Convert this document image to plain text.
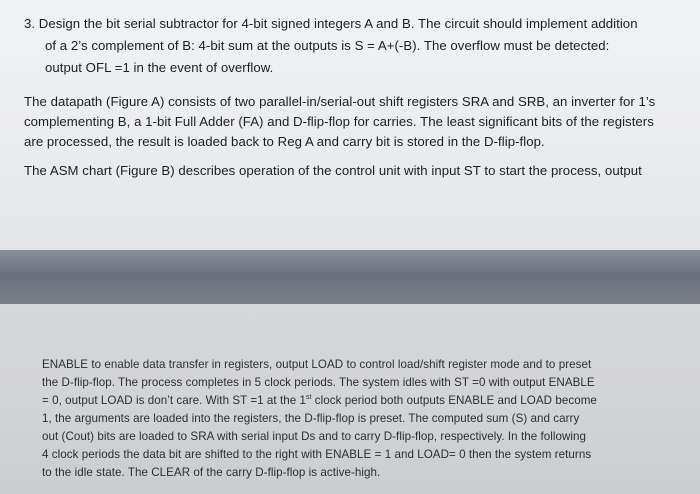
3. Design the bit serial subtractor for 4-bit signed integers A and B. The circuit should implement addition
of a 2’s complement of B: 4-bit sum at the outputs is S = A+(-B). The overflow must be detected:
output OFL =1 in the event of overflow.
The datapath (Figure A) consists of two parallel-in/serial-out shift registers SRA and SRB, an inverter for 1’s
complementing B, a 1-bit Full Adder (FA) and D-flip-flop for carries. The least significant bits of the registers
are processed, the result is loaded back to Reg A and carry bit is stored in the D-flip-flop.
The ASM chart (Figure B) describes operation of the control unit with input ST to start the process, output
ENABLE to enable data transfer in registers, output LOAD to control load/shift register mode and to preset
the D-flip-flop. The process completes in 5 clock periods. The system idles with ST =0 with output ENABLE
= 0, output LOAD is don’t care. With ST =1 at the 1st clock period both outputs ENABLE and LOAD become
1, the arguments are loaded into the registers, the D-flip-flop is preset. The computed sum (S) and carry
out (Cout) bits are loaded to SRA with serial input Ds and to carry D-flip-flop, respectively. In the following
4 clock periods the data bit are shifted to the right with ENABLE = 1 and LOAD= 0 then the system returns
to the idle state. The CLEAR of the carry D-flip-flop is active-high.
